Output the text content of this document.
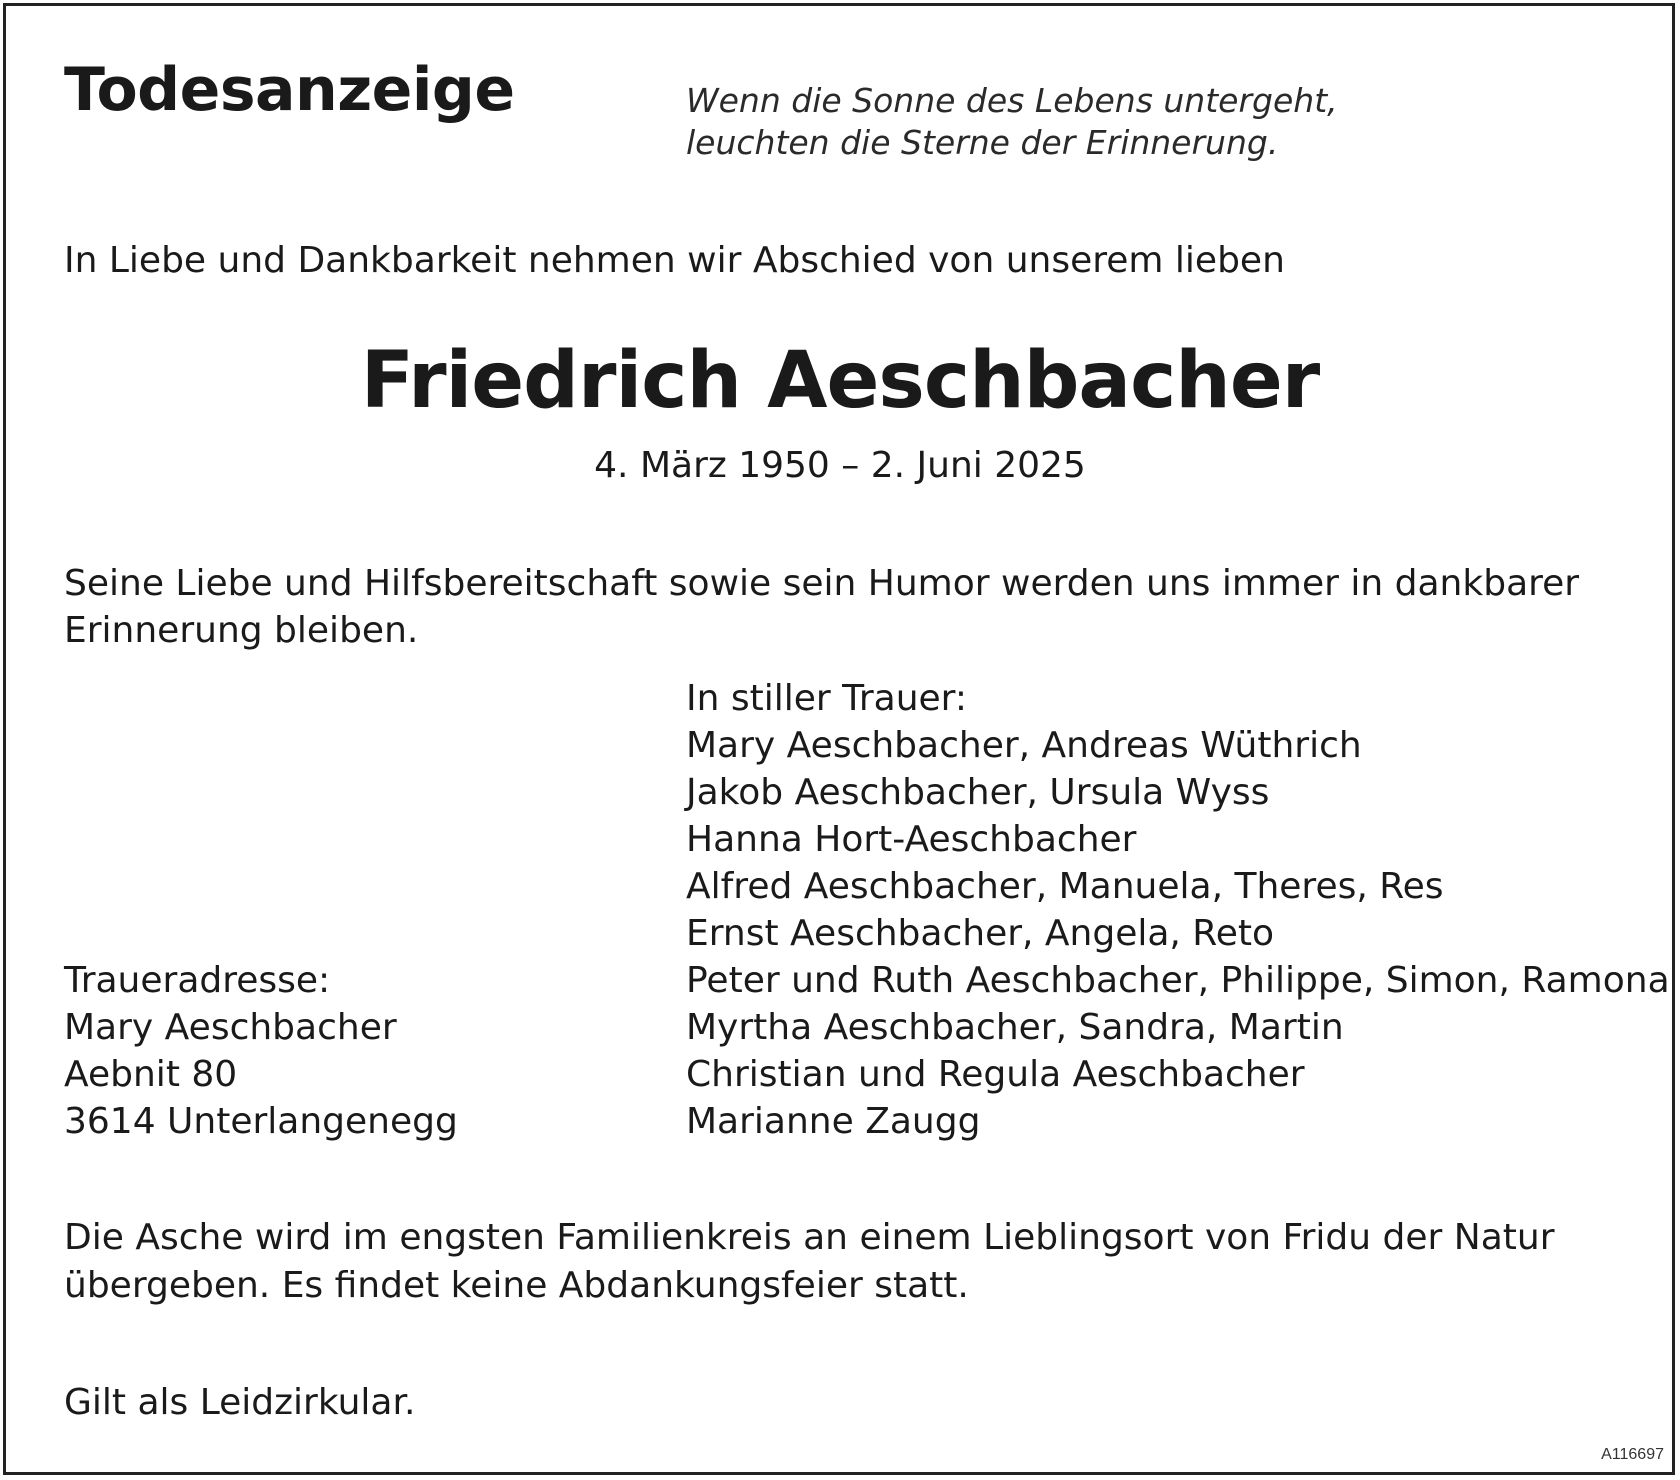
Todesanzeige	Wenn die Sonne des Lebens untergeht,
leuchten die Sterne der Erinnerung.

In Liebe und Dankbarkeit nehmen wir Abschied von unserem lieben

Friedrich Aeschbacher

4. März 1950 – 2. Juni 2025

Seine Liebe und Hilfsbereitschaft sowie sein Humor werden uns immer in dankbarer
Erinnerung bleiben.
In stiller Trauer:
Mary Aeschbacher, Andreas Wüthrich
Jakob Aeschbacher, Ursula Wyss
Hanna Hort-Aeschbacher
Alfred Aeschbacher, Manuela, Theres, Res
Ernst Aeschbacher, Angela, Reto
Peter und Ruth Aeschbacher, Philippe, Simon, Ramona
Myrtha Aeschbacher, Sandra, Martin
Christian und Regula Aeschbacher
Marianne Zaugg
Traueradresse:
Mary Aeschbacher
Aebnit 80
3614 Unterlangenegg
Die Asche wird im engsten Familienkreis an einem Lieblingsort von Fridu der Natur
übergeben. Es findet keine Abdankungsfeier statt.

Gilt als Leidzirkular.

A116697
